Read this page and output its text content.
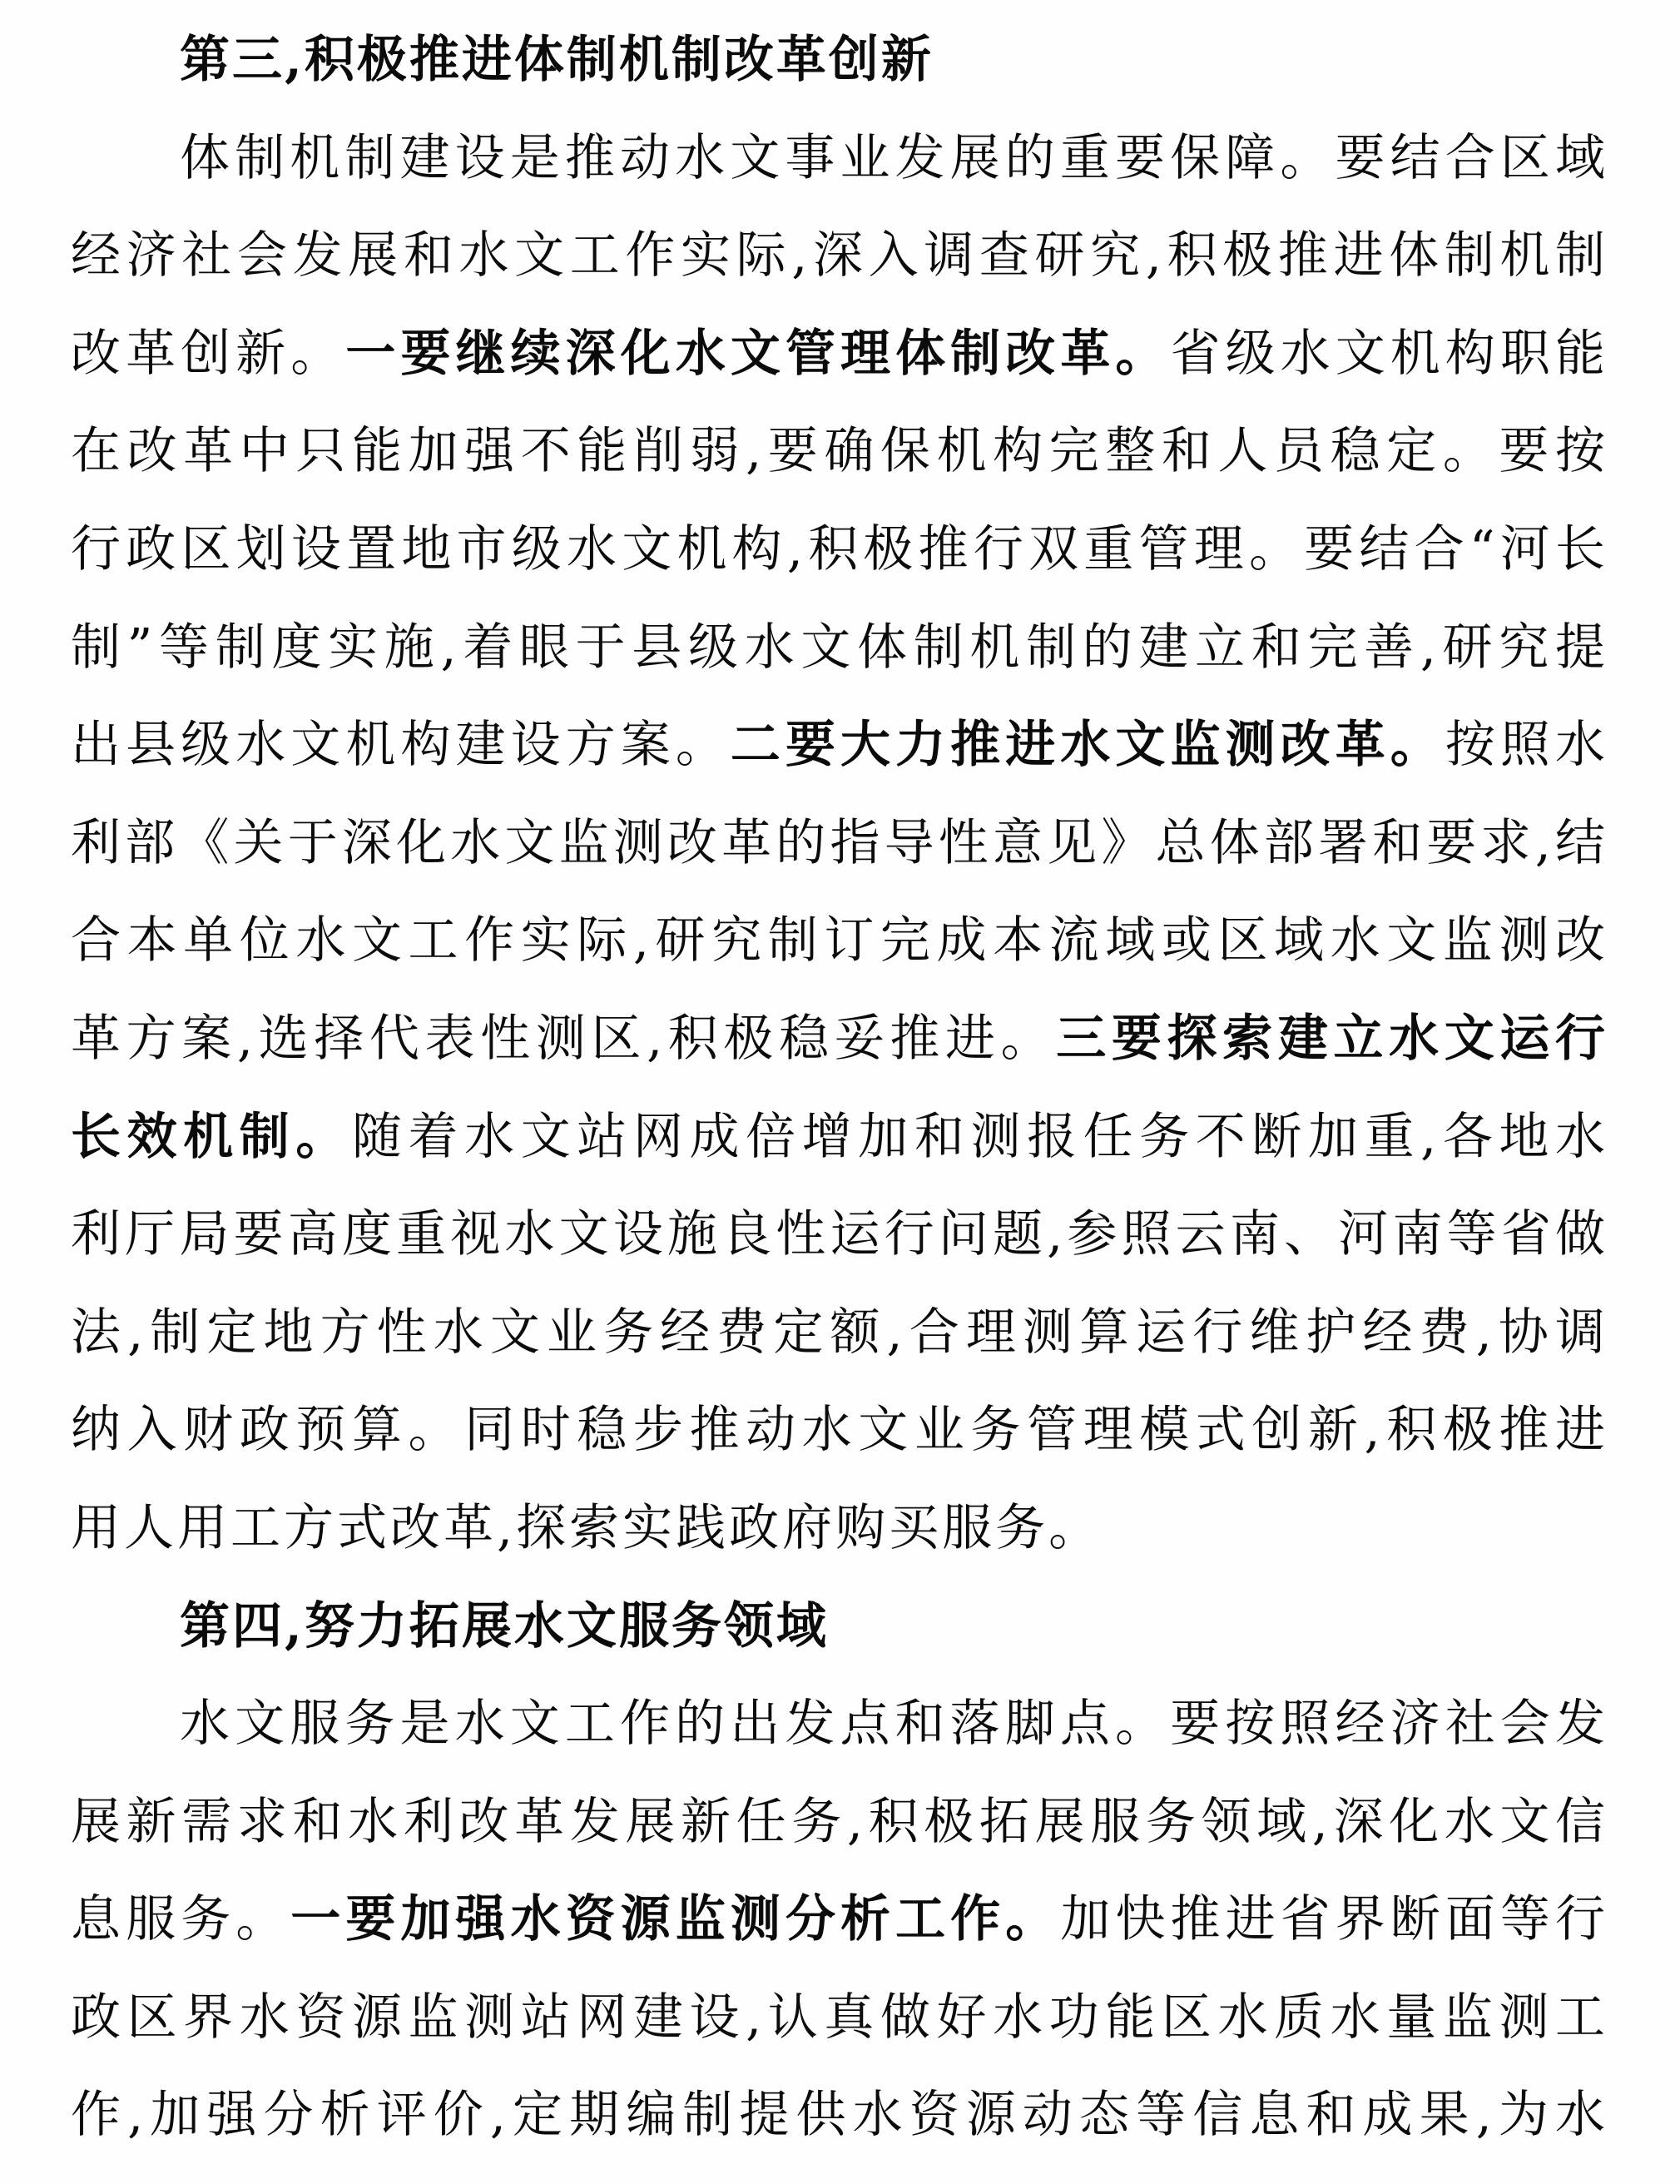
第三,积极推进体制机制改革创新
体制机制建设是推动水文事业发展的重要保障。要结合区域
经济社会发展和水文工作实际,深入调查研究,积极推进体制机制
改革创新。一要继续深化水文管理体制改革。省级水文机构职能
在改革中只能加强不能削弱,要确保机构完整和人员稳定。要按
行政区划设置地市级水文机构,积极推行双重管理。要结合“河长
制”等制度实施,着眼于县级水文体制机制的建立和完善,研究提
出县级水文机构建设方案。二要大力推进水文监测改革。按照水
利部《关于深化水文监测改革的指导性意见》总体部署和要求,结
合本单位水文工作实际,研究制订完成本流域或区域水文监测改
革方案,选择代表性测区,积极稳妥推进。三要探索建立水文运行
长效机制。随着水文站网成倍增加和测报任务不断加重,各地水
利厅局要高度重视水文设施良性运行问题,参照云南、河南等省做
法,制定地方性水文业务经费定额,合理测算运行维护经费,协调
纳入财政预算。同时稳步推动水文业务管理模式创新,积极推进
用人用工方式改革,探索实践政府购买服务。
第四,努力拓展水文服务领域
水文服务是水文工作的出发点和落脚点。要按照经济社会发
展新需求和水利改革发展新任务,积极拓展服务领域,深化水文信
息服务。一要加强水资源监测分析工作。加快推进省界断面等行
政区界水资源监测站网建设,认真做好水功能区水质水量监测工
作,加强分析评价,定期编制提供水资源动态等信息和成果,为水
